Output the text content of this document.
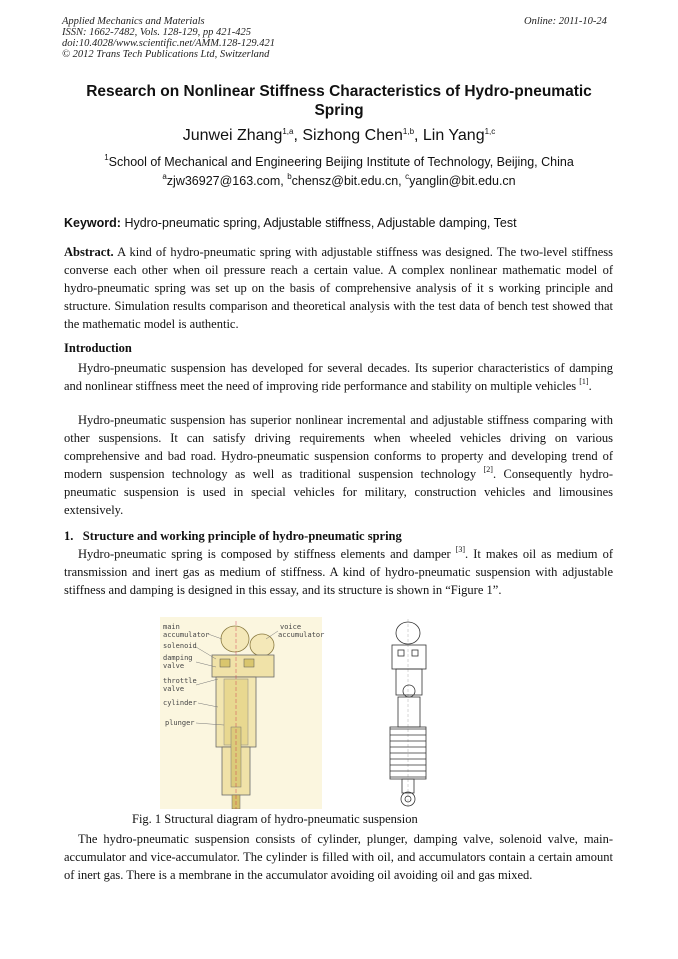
Applied Mechanics and Materials
ISSN: 1662-7482, Vols. 128-129, pp 421-425
doi:10.4028/www.scientific.net/AMM.128-129.421
© 2012 Trans Tech Publications Ltd, Switzerland
Online: 2011-10-24
Research on Nonlinear Stiffness Characteristics of Hydro-pneumatic
Spring
Junwei Zhang$^{1,a}$, Sizhong Chen$^{1,b}$, Lin Yang$^{1,c}$
$^1$School of Mechanical and Engineering Beijing Institute of Technology, Beijing, China
$^a$zjw36927@163.com, $^b$chensz@bit.edu.cn, $^c$yanglin@bit.edu.cn
Keyword: Hydro-pneumatic spring, Adjustable stiffness, Adjustable damping, Test
Abstract. A kind of hydro-pneumatic spring with adjustable stiffness was designed. The two-level stiffness converse each other when oil pressure reach a certain value. A complex nonlinear mathematic model of hydro-pneumatic spring was set up on the basis of comprehensive analysis of it s working principle and structure. Simulation results comparison and theoretical analysis with the test data of bench test showed that the mathematic model is authentic.
Introduction
Hydro-pneumatic suspension has developed for several decades. Its superior characteristics of damping and nonlinear stiffness meet the need of improving ride performance and stability on multiple vehicles [1].
Hydro-pneumatic suspension has superior nonlinear incremental and adjustable stiffness comparing with other suspensions. It can satisfy driving requirements when wheeled vehicles driving on various comprehensive and bad road. Hydro-pneumatic suspension conforms to property and developing trend of modern suspension technology as well as traditional suspension technology [2]. Consequently hydro-pneumatic suspension is used in special vehicles for military, construction vehicles and limousines extensively.
1.   Structure and working principle of hydro-pneumatic spring
Hydro-pneumatic spring is composed by stiffness elements and damper [3]. It makes oil as medium of transmission and inert gas as medium of stiffness. A kind of hydro-pneumatic suspension with adjustable stiffness and damping is designed in this essay, and its structure is shown in “Figure 1”.
main
accumulator
voice
accumulator
solenoid
damping
valve
throttle
valve
cylinder
plunger
Fig. 1 Structural diagram of hydro-pneumatic suspension
The hydro-pneumatic suspension consists of cylinder, plunger, damping valve, solenoid valve, main-accumulator and vice-accumulator. The cylinder is filled with oil, and accumulators contain a certain amount of inert gas. There is a membrane in the accumulator avoiding oil avoiding oil and gas mixed.
